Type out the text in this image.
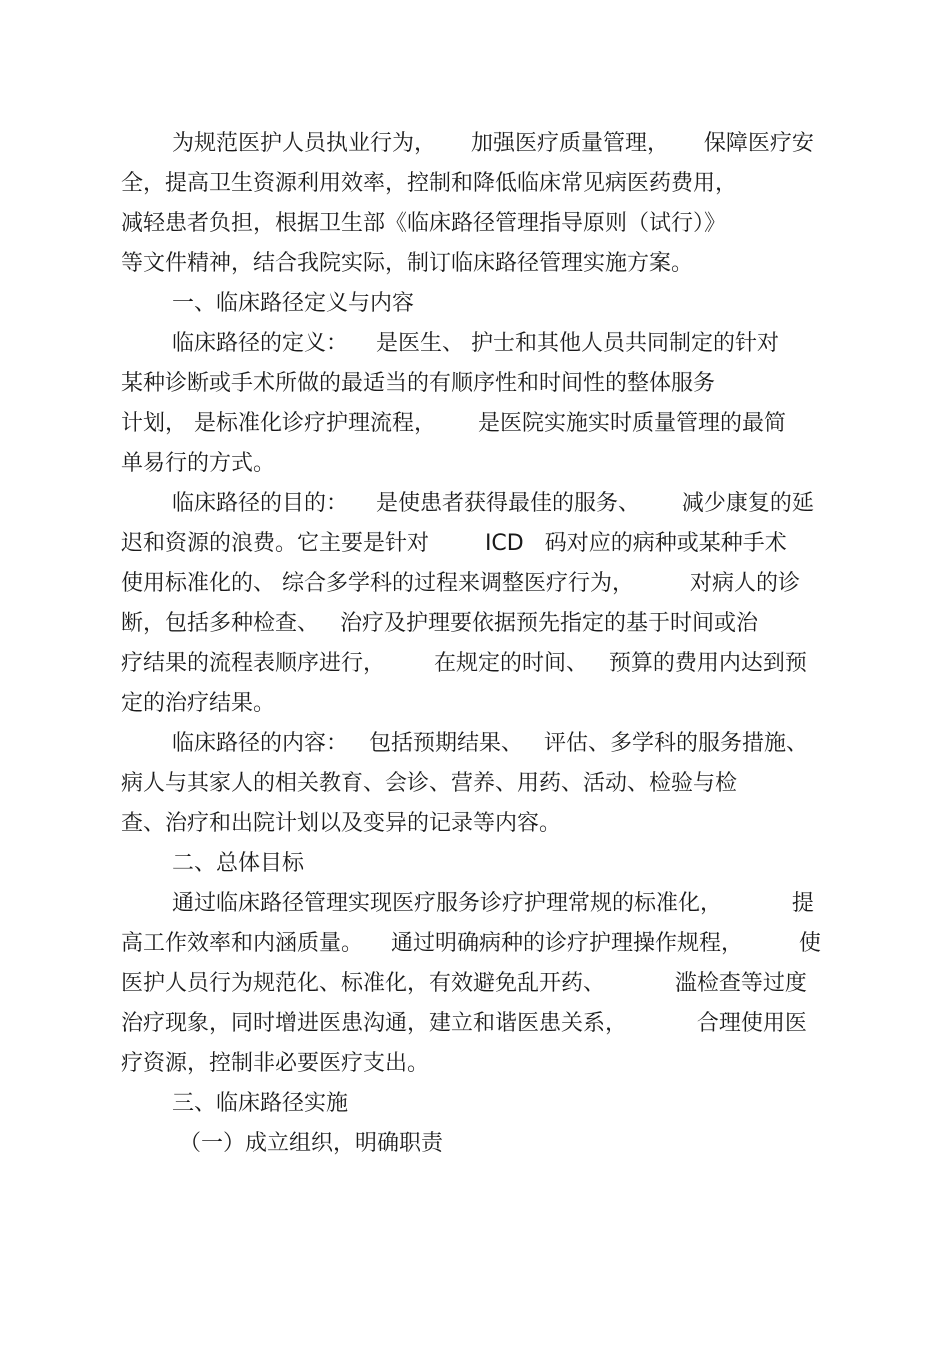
为规范医护人员执业行为，     加强医疗质量管理，     保障医疗安
全，提高卫生资源利用效率，控制和降低临床常见病医药费用，
减轻患者负担，根据卫生部《临床路径管理指导原则（试行）》
等文件精神，结合我院实际，制订临床路径管理实施方案。
一、临床路径定义与内容
临床路径的定义：    是医生、 护士和其他人员共同制定的针对
某种诊断或手术所做的最适当的有顺序性和时间性的整体服务
计划， 是标准化诊疗护理流程，      是医院实施实时质量管理的最简
单易行的方式。
临床路径的目的：    是使患者获得最佳的服务、      减少康复的延
迟和资源的浪费。它主要是针对        ICD   码对应的病种或某种手术
使用标准化的、 综合多学科的过程来调整医疗行为，        对病人的诊
断，包括多种检查、   治疗及护理要依据预先指定的基于时间或治
疗结果的流程表顺序进行，       在规定的时间、   预算的费用内达到预
定的治疗结果。
临床路径的内容：   包括预期结果、   评估、多学科的服务措施、
病人与其家人的相关教育、会诊、营养、用药、活动、检验与检
查、治疗和出院计划以及变异的记录等内容。
二、总体目标
通过临床路径管理实现医疗服务诊疗护理常规的标准化，          提
高工作效率和内涵质量。    通过明确病种的诊疗护理操作规程，        使
医护人员行为规范化、标准化，有效避免乱开药、          滥检查等过度
治疗现象，同时增进医患沟通，建立和谐医患关系，          合理使用医
疗资源，控制非必要医疗支出。
三、临床路径实施
（一）成立组织，明确职责
